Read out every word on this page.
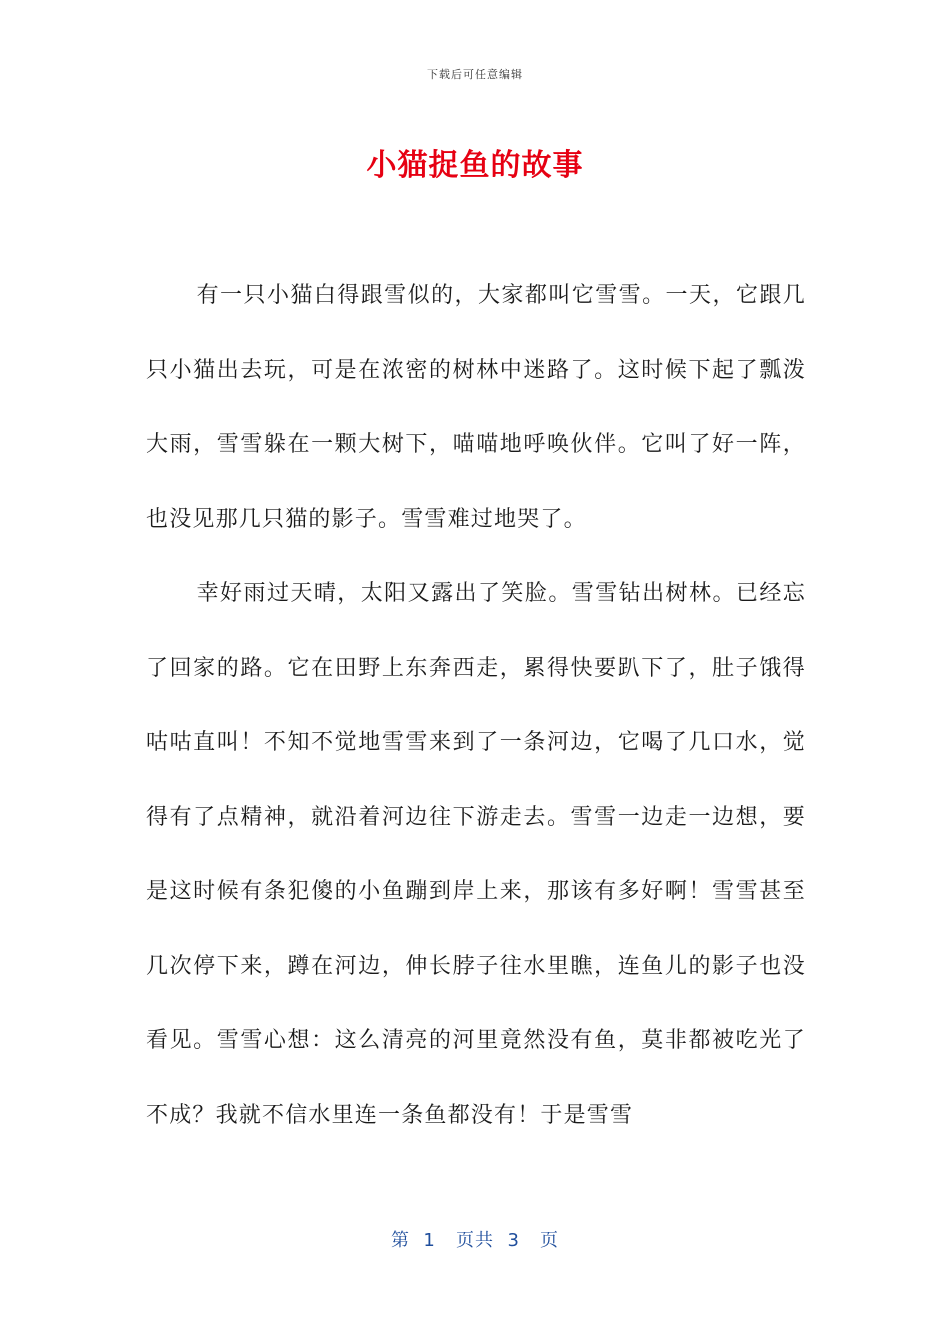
下载后可任意编辑
小猫捉鱼的故事

有一只小猫白得跟雪似的，大家都叫它雪雪。一天，它跟几只小猫出去玩，可是在浓密的树林中迷路了。这时候下起了瓢泼大雨，雪雪躲在一颗大树下，喵喵地呼唤伙伴。它叫了好一阵，也没见那几只猫的影子。雪雪难过地哭了。

幸好雨过天晴，太阳又露出了笑脸。雪雪钻出树林。已经忘了回家的路。它在田野上东奔西走，累得快要趴下了，肚子饿得咕咕直叫！不知不觉地雪雪来到了一条河边，它喝了几口水，觉得有了点精神，就沿着河边往下游走去。雪雪一边走一边想，要是这时候有条犯傻的小鱼蹦到岸上来，那该有多好啊！雪雪甚至几次停下来，蹲在河边，伸长脖子往水里瞧，连鱼儿的影子也没看见。雪雪心想：这么清亮的河里竟然没有鱼，莫非都被吃光了不成？我就不信水里连一条鱼都没有！于是雪雪

第  1   页共  3   页
